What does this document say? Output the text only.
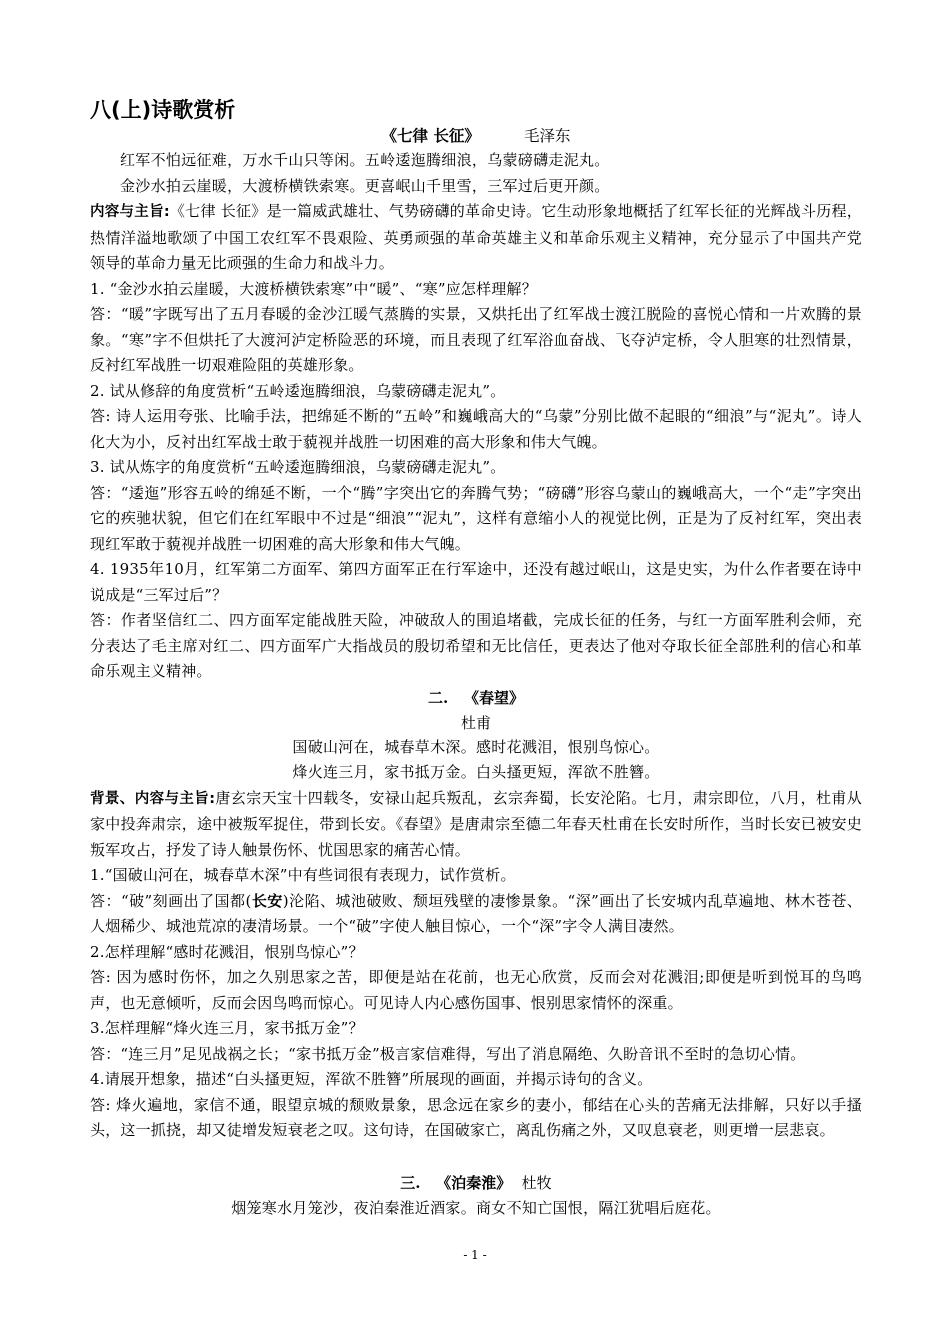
八(上)诗歌赏析
《七律 长征》	毛泽东

红军不怕远征难，万水千山只等闲。五岭逶迤腾细浪，乌蒙磅礴走泥丸。

金沙水拍云崖暖，大渡桥横铁索寒。更喜岷山千里雪，三军过后更开颜。

内容与主旨:《七律 长征》是一篇威武雄壮、气势磅礴的革命史诗。它生动形象地概括了红军长征的光辉战斗历程，热情洋溢地歌颂了中国工农红军不畏艰险、英勇顽强的革命英雄主义和革命乐观主义精神，充分显示了中国共产党领导的革命力量无比顽强的生命力和战斗力。

1. “金沙水拍云崖暖，大渡桥横铁索寒”中“暖”、“寒”应怎样理解？

答：“暖”字既写出了五月春暖的金沙江暖气蒸腾的实景，又烘托出了红军战士渡江脱险的喜悦心情和一片欢腾的景象。“寒”字不但烘托了大渡河泸定桥险恶的环境，而且表现了红军浴血奋战、飞夺泸定桥，令人胆寒的壮烈情景，反衬红军战胜一切艰难险阻的英雄形象。

2. 试从修辞的角度赏析“五岭逶迤腾细浪，乌蒙磅礴走泥丸”。

答: 诗人运用夸张、比喻手法，把绵延不断的“五岭”和巍峨高大的“乌蒙”分别比做不起眼的“细浪”与“泥丸”。诗人化大为小，反衬出红军战士敢于藐视并战胜一切困难的高大形象和伟大气魄。

3. 试从炼字的角度赏析“五岭逶迤腾细浪，乌蒙磅礴走泥丸”。

答：“逶迤”形容五岭的绵延不断，一个“腾”字突出它的奔腾气势；“磅礴”形容乌蒙山的巍峨高大，一个“走”字突出它的疾驰状貌，但它们在红军眼中不过是“细浪”“泥丸”，这样有意缩小人的视觉比例，正是为了反衬红军，突出表现红军敢于藐视并战胜一切困难的高大形象和伟大气魄。

4. 1935年10月，红军第二方面军、第四方面军正在行军途中，还没有越过岷山，这是史实，为什么作者要在诗中说成是“三军过后”？

答：作者坚信红二、四方面军定能战胜天险，冲破敌人的围追堵截，完成长征的任务，与红一方面军胜利会师，充分表达了毛主席对红二、四方面军广大指战员的殷切希望和无比信任，更表达了他对夺取长征全部胜利的信心和革命乐观主义精神。

二. 《春望》

杜甫

国破山河在，城春草木深。感时花溅泪，恨别鸟惊心。

烽火连三月，家书抵万金。白头搔更短，浑欲不胜簪。

背景、内容与主旨:唐玄宗天宝十四载冬，安禄山起兵叛乱，玄宗奔蜀，长安沦陷。七月，肃宗即位，八月，杜甫从家中投奔肃宗，途中被叛军捉住，带到长安。《春望》是唐肃宗至德二年春天杜甫在长安时所作，当时长安已被安史叛军攻占，抒发了诗人触景伤怀、忧国思家的痛苦心情。

1.“国破山河在，城春草木深”中有些词很有表现力，试作赏析。

答：“破”刻画出了国都(长安)沦陷、城池破败、颓垣残壁的凄惨景象。“深”画出了长安城内乱草遍地、林木苍苍、人烟稀少、城池荒凉的凄清场景。一个“破”字使人触目惊心，一个“深”字令人满目凄然。

2.怎样理解“感时花溅泪，恨别鸟惊心”？

答: 因为感时伤怀，加之久别思家之苦，即便是站在花前，也无心欣赏，反而会对花溅泪;即便是听到悦耳的鸟鸣声，也无意倾听，反而会因鸟鸣而惊心。可见诗人内心感伤国事、恨别思家情怀的深重。

3.怎样理解“烽火连三月，家书抵万金”？

答：“连三月”足见战祸之长；“家书抵万金”极言家信难得，写出了消息隔绝、久盼音讯不至时的急切心情。

4.请展开想象，描述“白头搔更短，浑欲不胜簪”所展现的画面，并揭示诗句的含义。

答: 烽火遍地，家信不通，眼望京城的颓败景象，思念远在家乡的妻小，郁结在心头的苦痛无法排解，只好以手搔头，这一抓挠，却又徒增发短衰老之叹。这句诗，在国破家亡，离乱伤痛之外，又叹息衰老，则更增一层悲哀。

三. 《泊秦淮》 杜牧

烟笼寒水月笼沙，夜泊秦淮近酒家。商女不知亡国恨，隔江犹唱后庭花。

- 1 -
